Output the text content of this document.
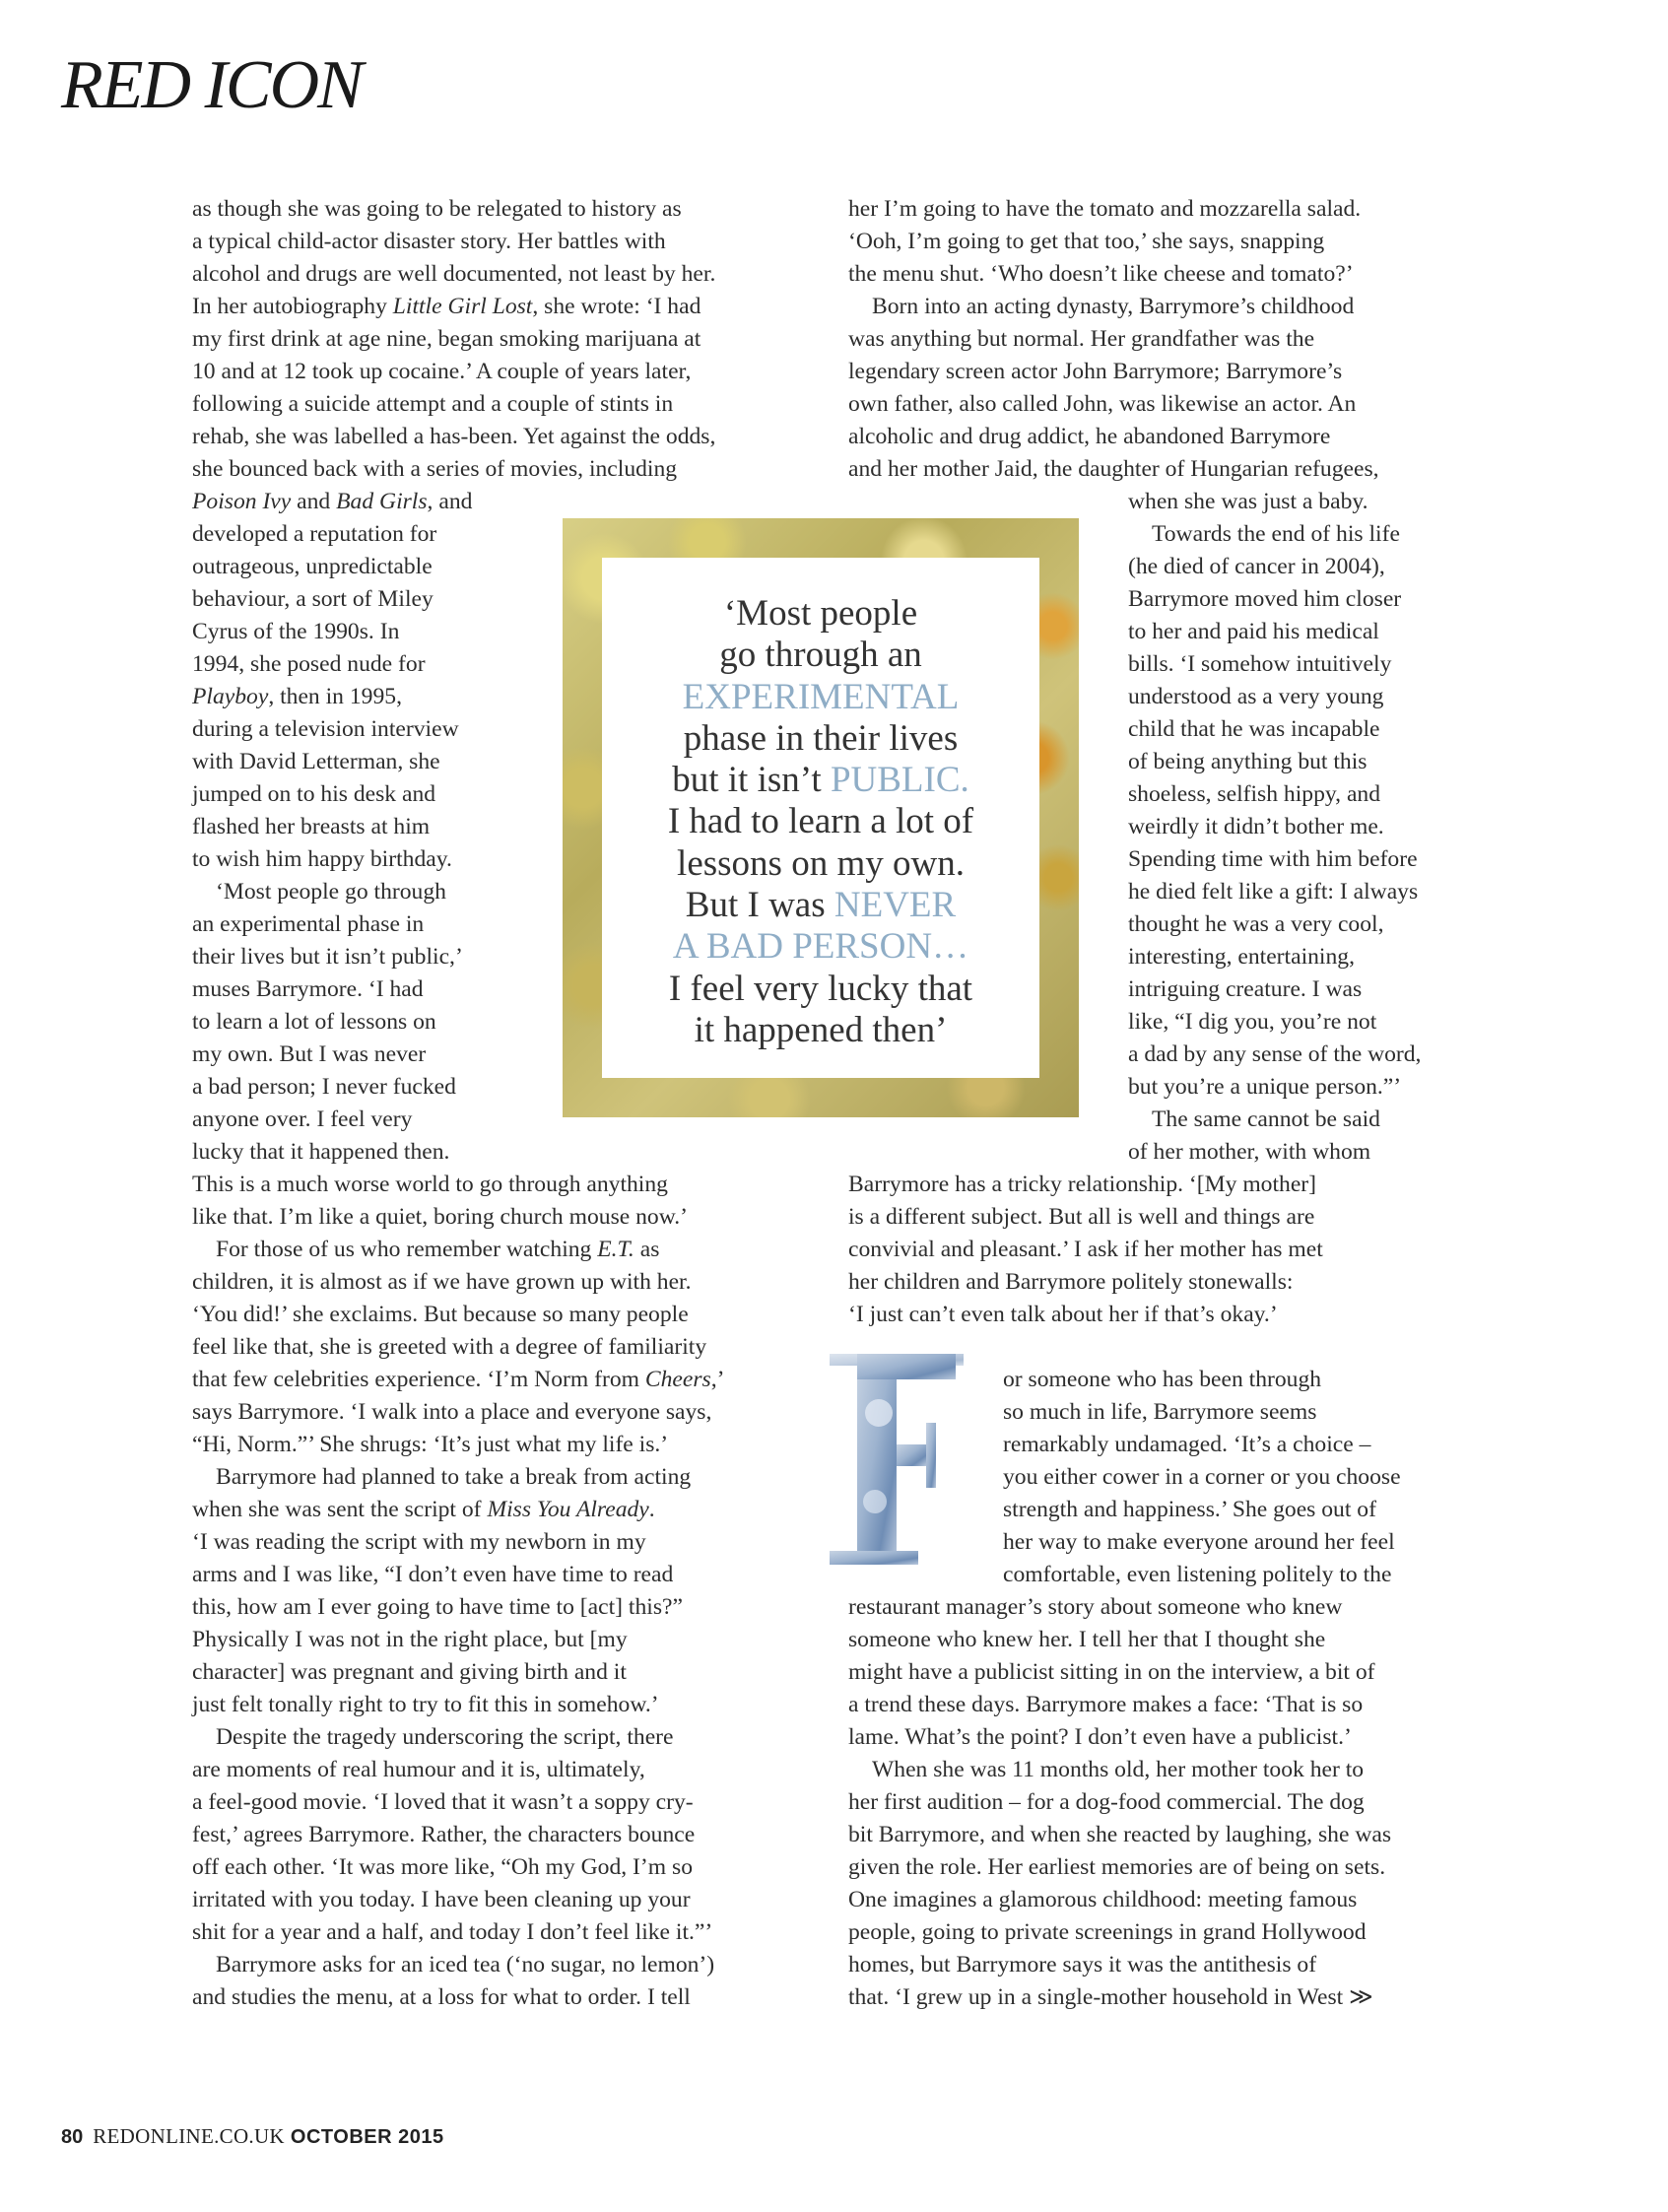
RED ICON
as though she was going to be relegated to history as
a typical child-actor disaster story. Her battles with
alcohol and drugs are well documented, not least by her.
In her autobiography Little Girl Lost, she wrote: ‘I had
my first drink at age nine, began smoking marijuana at
10 and at 12 took up cocaine.’ A couple of years later,
following a suicide attempt and a couple of stints in
rehab, she was labelled a has-been. Yet against the odds,
she bounced back with a series of movies, including
Poison Ivy and Bad Girls, and
developed a reputation for
outrageous, unpredictable
behaviour, a sort of Miley
Cyrus of the 1990s. In
1994, she posed nude for
Playboy, then in 1995,
during a television interview
with David Letterman, she
jumped on to his desk and
flashed her breasts at him
to wish him happy birthday.
‘Most people go through
an experimental phase in
their lives but it isn’t public,’
muses Barrymore. ‘I had
to learn a lot of lessons on
my own. But I was never
a bad person; I never fucked
anyone over. I feel very
lucky that it happened then.
This is a much worse world to go through anything
like that. I’m like a quiet, boring church mouse now.’
For those of us who remember watching E.T. as
children, it is almost as if we have grown up with her.
‘You did!’ she exclaims. But because so many people
feel like that, she is greeted with a degree of familiarity
that few celebrities experience. ‘I’m Norm from Cheers,’
says Barrymore. ‘I walk into a place and everyone says,
“Hi, Norm.”’ She shrugs: ‘It’s just what my life is.’
Barrymore had planned to take a break from acting
when she was sent the script of Miss You Already.
‘I was reading the script with my newborn in my
arms and I was like, “I don’t even have time to read
this, how am I ever going to have time to [act] this?”
Physically I was not in the right place, but [my
character] was pregnant and giving birth and it
just felt tonally right to try to fit this in somehow.’
Despite the tragedy underscoring the script, there
are moments of real humour and it is, ultimately,
a feel-good movie. ‘I loved that it wasn’t a soppy cry-
fest,’ agrees Barrymore. Rather, the characters bounce
off each other. ‘It was more like, “Oh my God, I’m so
irritated with you today. I have been cleaning up your
shit for a year and a half, and today I don’t feel like it.”’
Barrymore asks for an iced tea (‘no sugar, no lemon’)
and studies the menu, at a loss for what to order. I tell
her I’m going to have the tomato and mozzarella salad.
‘Ooh, I’m going to get that too,’ she says, snapping
the menu shut. ‘Who doesn’t like cheese and tomato?’
Born into an acting dynasty, Barrymore’s childhood
was anything but normal. Her grandfather was the
legendary screen actor John Barrymore; Barrymore’s
own father, also called John, was likewise an actor. An
alcoholic and drug addict, he abandoned Barrymore
and her mother Jaid, the daughter of Hungarian refugees,
when she was just a baby.
Towards the end of his life
(he died of cancer in 2004),
Barrymore moved him closer
to her and paid his medical
bills. ‘I somehow intuitively
understood as a very young
child that he was incapable
of being anything but this
shoeless, selfish hippy, and
weirdly it didn’t bother me.
Spending time with him before
he died felt like a gift: I always
thought he was a very cool,
interesting, entertaining,
intriguing creature. I was
like, “I dig you, you’re not
a dad by any sense of the word,
but you’re a unique person.”’
The same cannot be said
of her mother, with whom
Barrymore has a tricky relationship. ‘[My mother]
is a different subject. But all is well and things are
convivial and pleasant.’ I ask if her mother has met
her children and Barrymore politely stonewalls:
‘I just can’t even talk about her if that’s okay.’
or someone who has been through
so much in life, Barrymore seems
remarkably undamaged. ‘It’s a choice –
you either cower in a corner or you choose
strength and happiness.’ She goes out of
her way to make everyone around her feel
comfortable, even listening politely to the
restaurant manager’s story about someone who knew
someone who knew her. I tell her that I thought she
might have a publicist sitting in on the interview, a bit of
a trend these days. Barrymore makes a face: ‘That is so
lame. What’s the point? I don’t even have a publicist.’
When she was 11 months old, her mother took her to
her first audition – for a dog-food commercial. The dog
bit Barrymore, and when she reacted by laughing, she was
given the role. Her earliest memories are of being on sets.
One imagines a glamorous childhood: meeting famous
people, going to private screenings in grand Hollywood
homes, but Barrymore says it was the antithesis of
that. ‘I grew up in a single-mother household in West ≫
‘Most people
go through an
EXPERIMENTAL
phase in their lives
but it isn’t PUBLIC.
I had to learn a lot of
lessons on my own.
But I was NEVER
A BAD PERSON…
I feel very lucky that
it happened then’
80 REDONLINE.CO.UK OCTOBER 2015
